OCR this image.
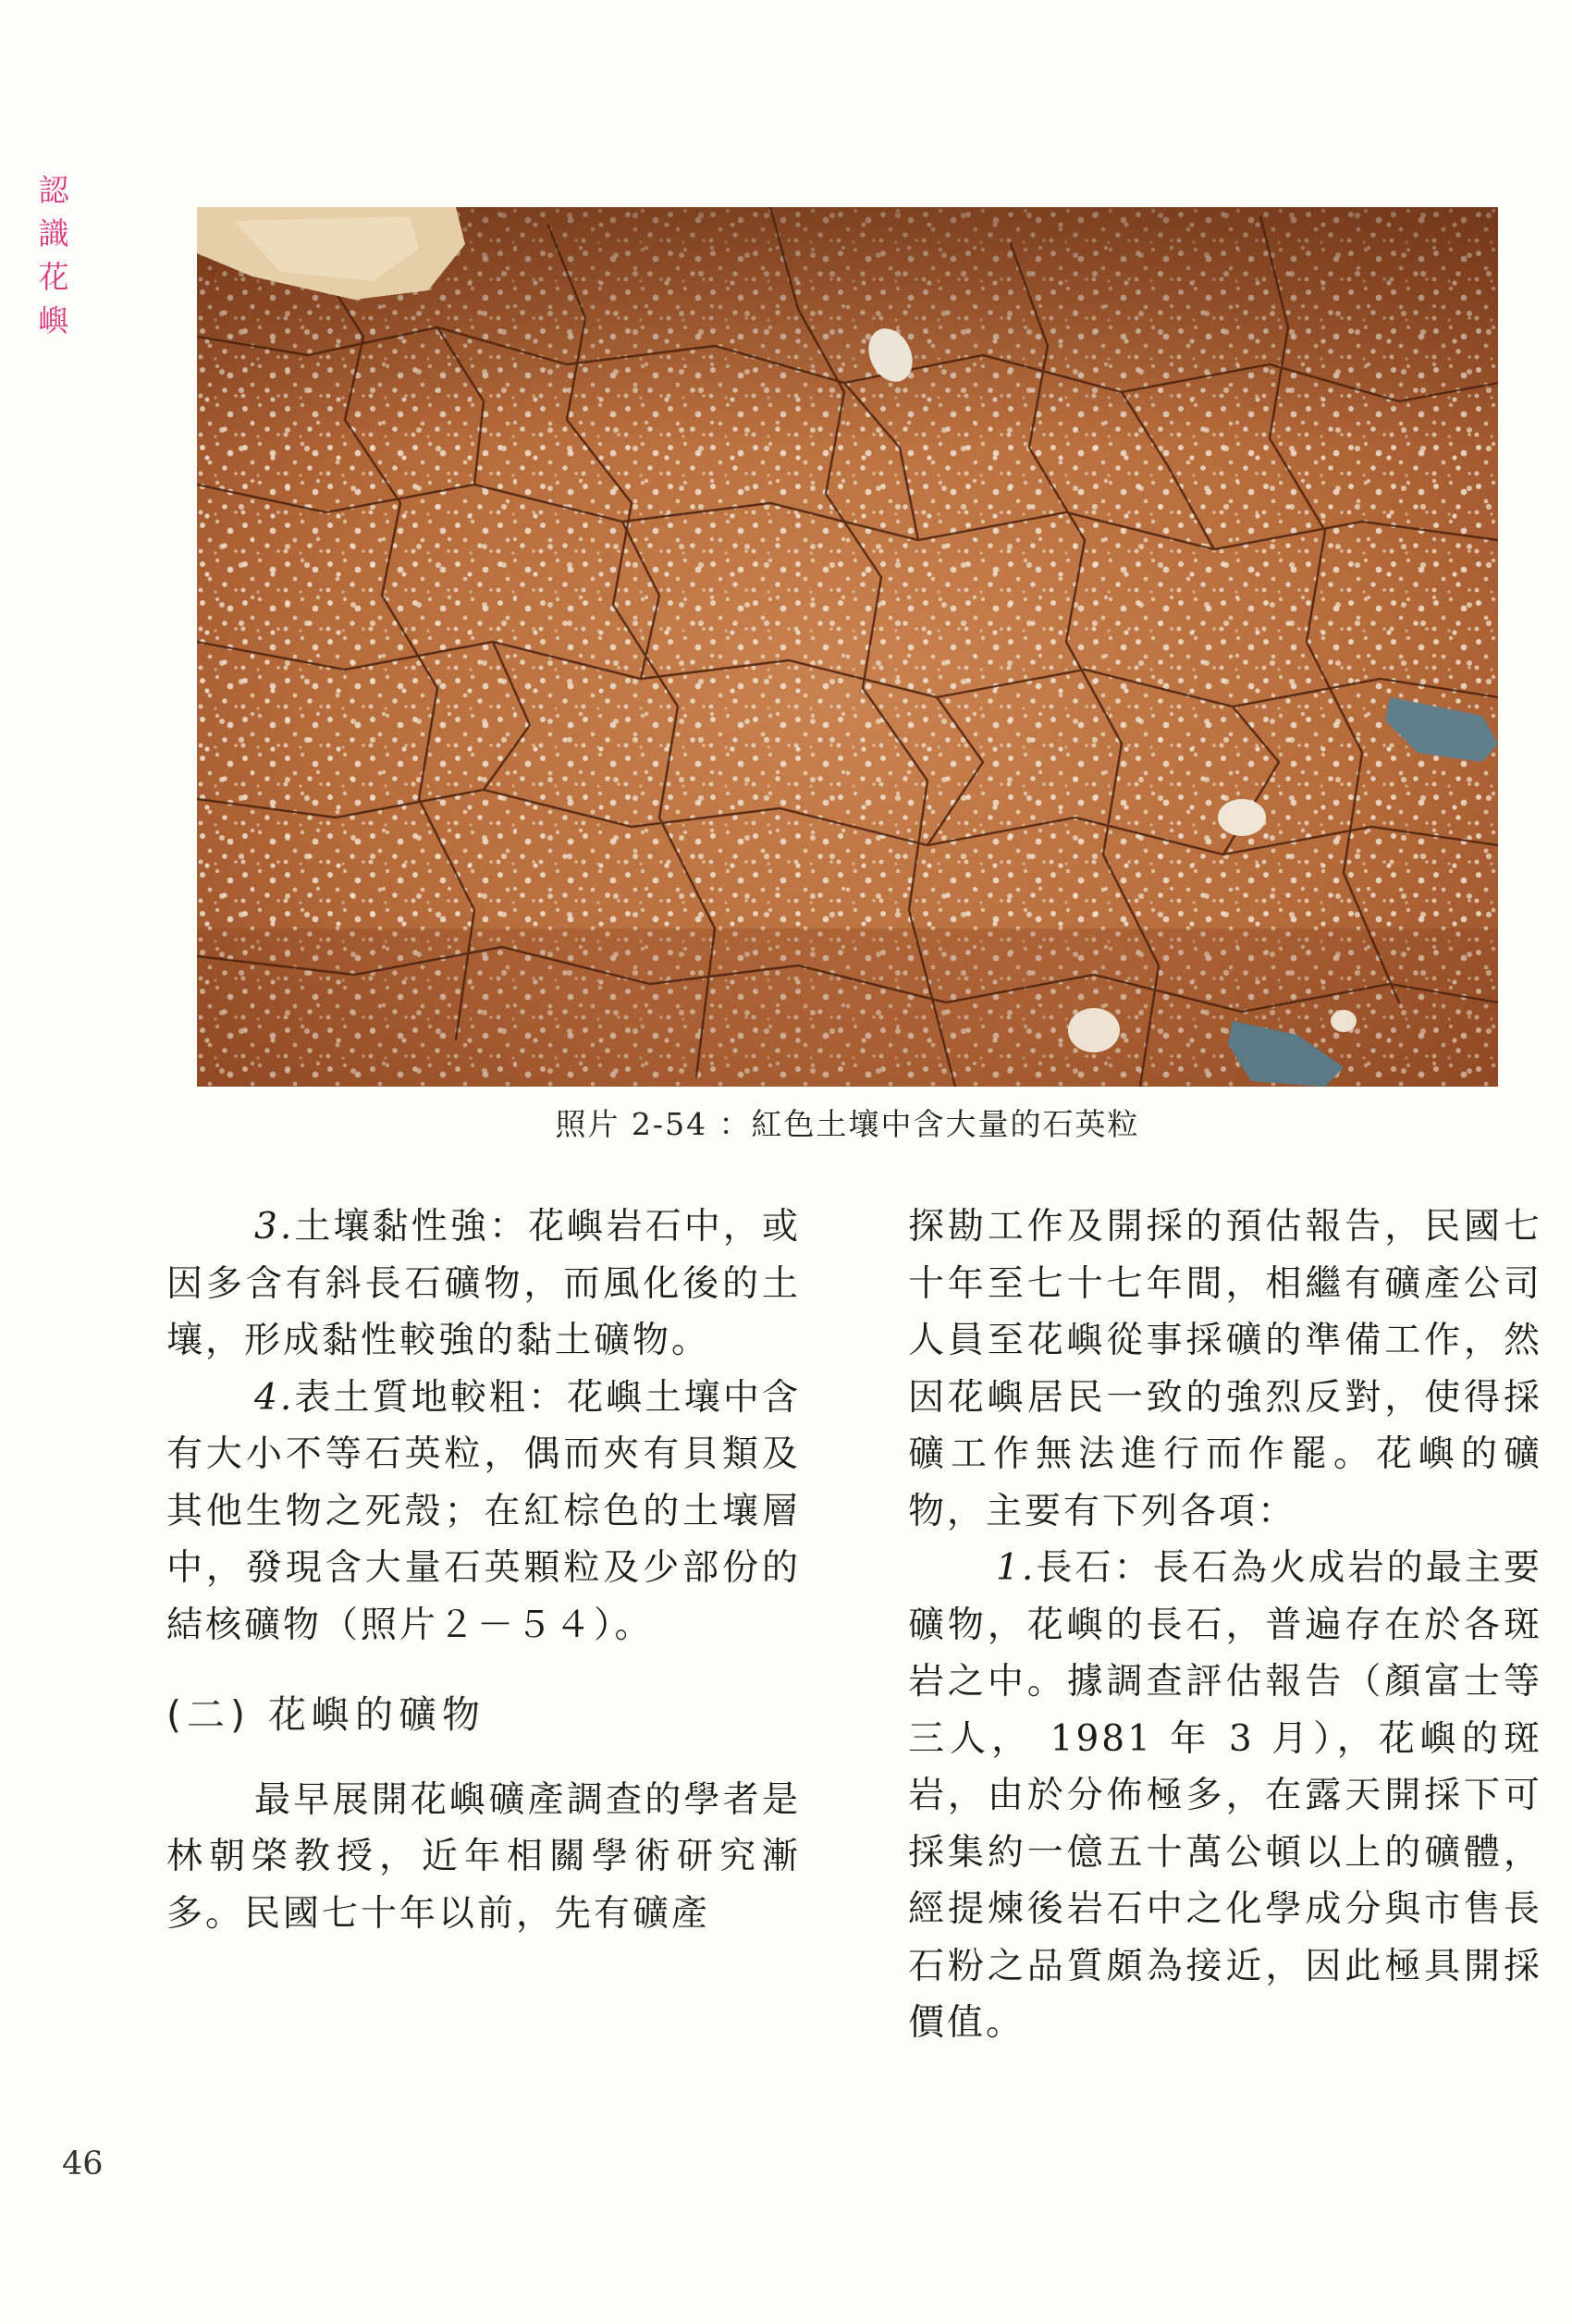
認
識
花
嶼
照片 2-54 ：紅色土壤中含大量的石英粒

3.土壤黏性強：花嶼岩石中，或因多含有斜長石礦物，而風化後的土壤，形成黏性較強的黏土礦物。

4.表土質地較粗：花嶼土壤中含有大小不等石英粒，偶而夾有貝類及其他生物之死殼；在紅棕色的土壤層中，發現含大量石英顆粒及少部份的結核礦物（照片２－５４）。

(二) 花嶼的礦物

最早展開花嶼礦產調查的學者是林朝棨教授，近年相關學術研究漸多。民國七十年以前，先有礦產

探勘工作及開採的預估報告，民國七十年至七十七年間，相繼有礦產公司人員至花嶼從事採礦的準備工作，然因花嶼居民一致的強烈反對，使得採礦工作無法進行而作罷。花嶼的礦物，主要有下列各項：

1.長石：長石為火成岩的最主要礦物，花嶼的長石，普遍存在於各斑岩之中。據調查評估報告（顏富士等三人， 1981 年 3 月），花嶼的斑岩，由於分佈極多，在露天開採下可採集約一億五十萬公頓以上的礦體，經提煉後岩石中之化學成分與市售長石粉之品質頗為接近，因此極具開採價值。

46
